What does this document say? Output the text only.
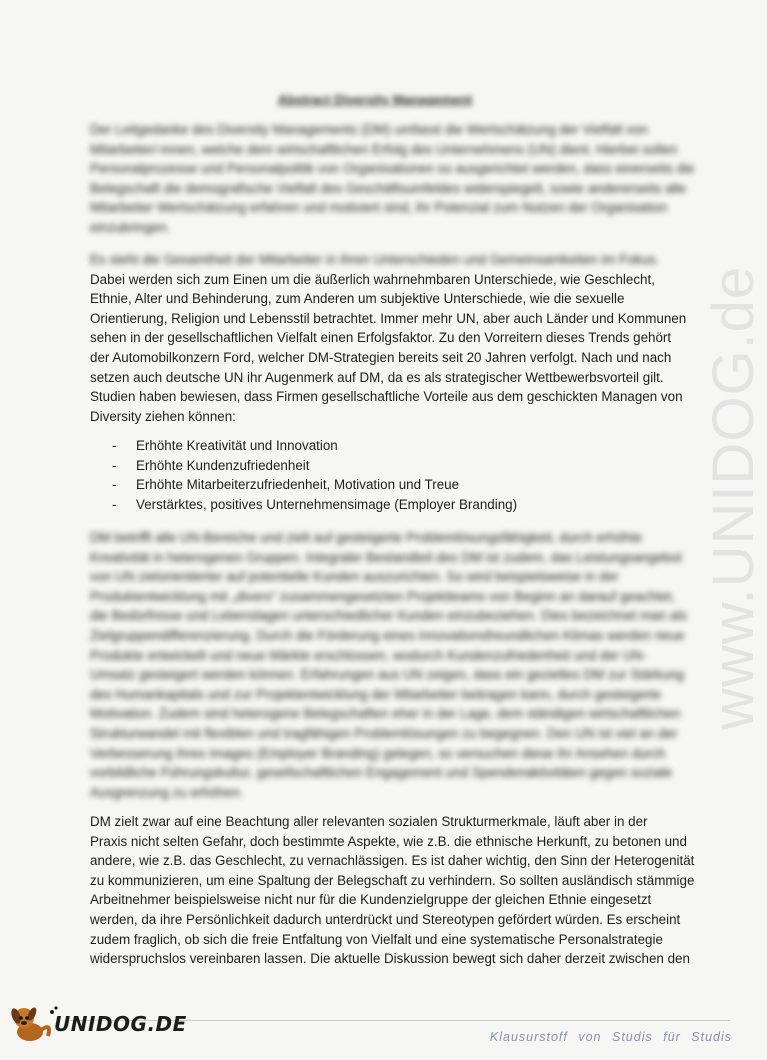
www.UNIDOG.de
Abstract Diversity Management

Der Leitgedanke des Diversity Managements (DM) umfasst die Wertschätzung der Vielfalt von
Mitarbeiter/-innen, welche dem wirtschaftlichen Erfolg des Unternehmens (UN) dient. Hierbei sollen
Personalprozesse und Personalpolitik von Organisationen so ausgerichtet werden, dass einerseits die
Belegschaft die demografische Vielfalt des Geschäftsumfeldes widerspiegelt, sowie andererseits alle
Mitarbeiter Wertschätzung erfahren und motiviert sind, ihr Potenzial zum Nutzen der Organisation
einzubringen.

Es steht die Gesamtheit der Mitarbeiter in ihren Unterschieden und Gemeinsamkeiten im Fokus.
Dabei werden sich zum Einen um die äußerlich wahrnehmbaren Unterschiede, wie Geschlecht,
Ethnie, Alter und Behinderung, zum Anderen um subjektive Unterschiede, wie die sexuelle
Orientierung, Religion und Lebensstil betrachtet. Immer mehr UN, aber auch Länder und Kommunen
sehen in der gesellschaftlichen Vielfalt einen Erfolgsfaktor. Zu den Vorreitern dieses Trends gehört
der Automobilkonzern Ford, welcher DM-Strategien bereits seit 20 Jahren verfolgt. Nach und nach
setzen auch deutsche UN ihr Augenmerk auf DM, da es als strategischer Wettbewerbsvorteil gilt.
Studien haben bewiesen, dass Firmen gesellschaftliche Vorteile aus dem geschickten Managen von
Diversity ziehen können:

- Erhöhte Kreativität und Innovation
- Erhöhte Kundenzufriedenheit
- Erhöhte Mitarbeiterzufriedenheit, Motivation und Treue
- Verstärktes, positives Unternehmensimage (Employer Branding)

DM betrifft alle UN-Bereiche und zielt auf gesteigerte Problemlösungsfähigkeit, durch erhöhte
Kreativität in heterogenen Gruppen. Integraler Bestandteil des DM ist zudem, das Leistungsangebot
von UN zielorientierter auf potentielle Kunden auszurichten. So wird beispielsweise in der
Produktentwicklung mit „divers“ zusammengesetzten Projektteams von Beginn an darauf geachtet,
die Bedürfnisse und Lebenslagen unterschiedlicher Kunden einzubeziehen. Dies bezeichnet man als
Zielgruppendifferenzierung. Durch die Förderung eines innovationsfreundlichen Klimas werden neue
Produkte entwickelt und neue Märkte erschlossen, wodurch Kundenzufriedenheit und der UN-
Umsatz gesteigert werden können. Erfahrungen aus UN zeigen, dass ein gezieltes DM zur Stärkung
des Humankapitals und zur Projektentwicklung der Mitarbeiter beitragen kann, durch gesteigerte
Motivation. Zudem sind heterogene Belegschaften eher in der Lage, dem ständigen wirtschaftlichen
Strukturwandel mit flexiblen und tragfähigen Problemlösungen zu begegnen. Den UN ist viel an der
Verbesserung ihres Images (Employer Branding) gelegen, so versuchen diese ihr Ansehen durch
vorbildliche Führungskultur, gesellschaftlichen Engagement und Spendenaktivitäten gegen soziale
Ausgrenzung zu erhöhen.

DM zielt zwar auf eine Beachtung aller relevanten sozialen Strukturmerkmale, läuft aber in der
Praxis nicht selten Gefahr, doch bestimmte Aspekte, wie z.B. die ethnische Herkunft, zu betonen und
andere, wie z.B. das Geschlecht, zu vernachlässigen. Es ist daher wichtig, den Sinn der Heterogenität
zu kommunizieren, um eine Spaltung der Belegschaft zu verhindern. So sollten ausländisch stämmige
Arbeitnehmer beispielsweise nicht nur für die Kundenzielgruppe der gleichen Ethnie eingesetzt
werden, da ihre Persönlichkeit dadurch unterdrückt und Stereotypen gefördert würden. Es erscheint
zudem fraglich, ob sich die freie Entfaltung von Vielfalt und eine systematische Personalstrategie
widerspruchslos vereinbaren lassen. Die aktuelle Diskussion bewegt sich daher derzeit zwischen den

UNIDOG.DE
Klausurstoff von Studis für Studis
